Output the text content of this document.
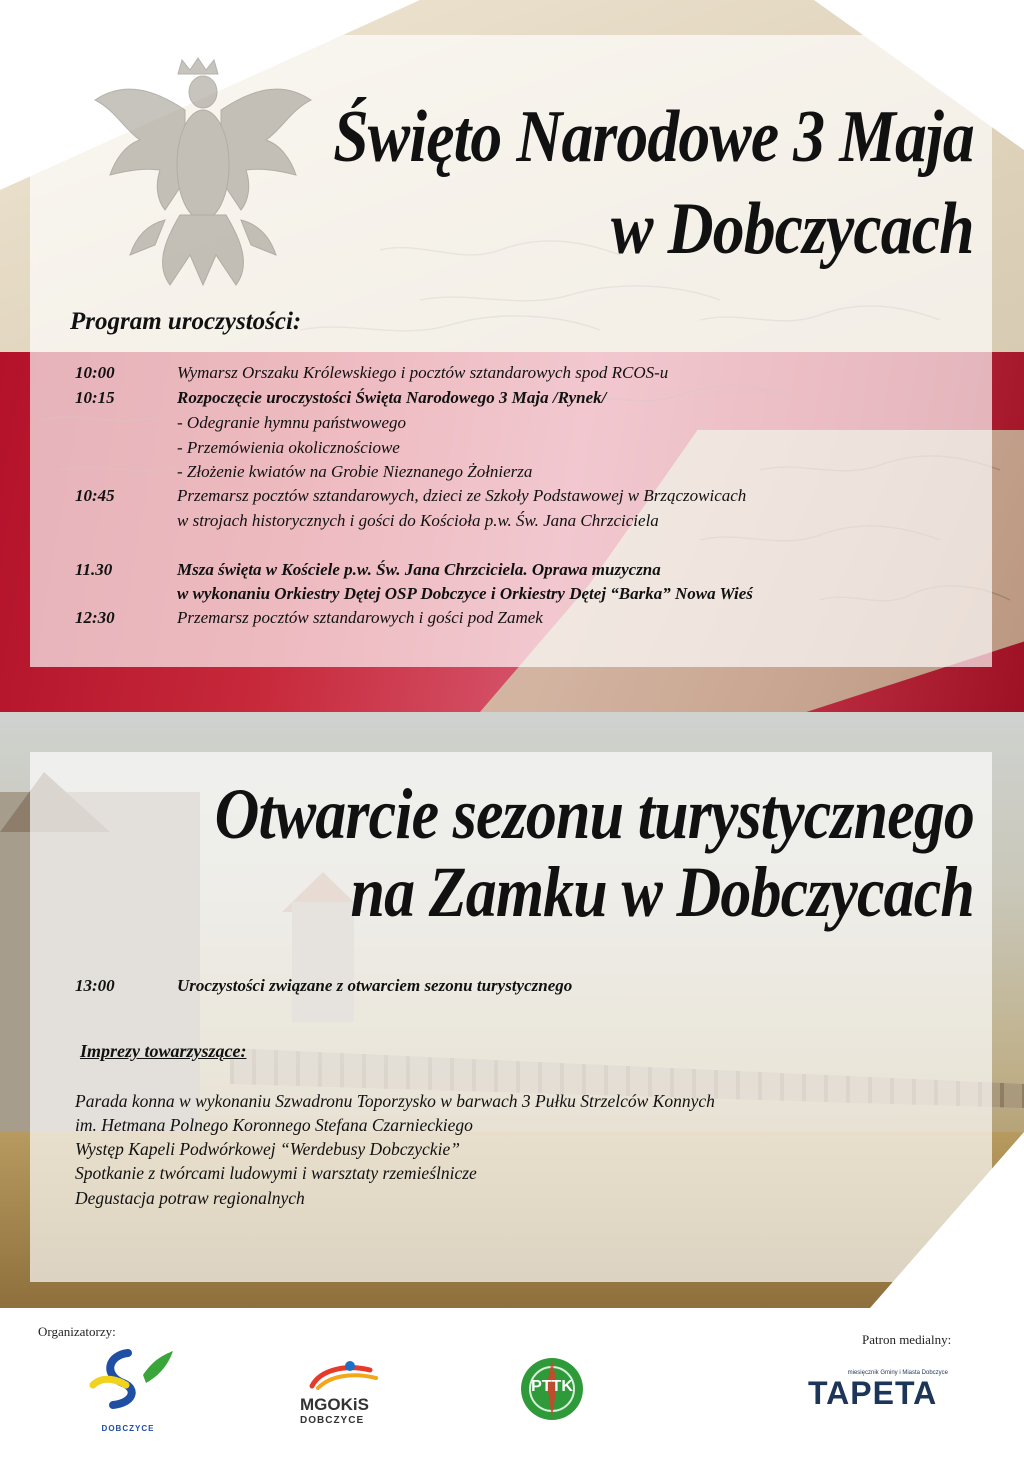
Święto Narodowe 3 Maja
w Dobczycach
Program uroczystości:
10:00	Wymarsz Orszaku Królewskiego i pocztów sztandarowych spod RCOS-u
10:15	Rozpoczęcie uroczystości Święta Narodowego 3 Maja /Rynek/
- Odegranie hymnu państwowego
- Przemówienia okolicznościowe
- Złożenie kwiatów na Grobie Nieznanego Żołnierza
10:45	Przemarsz pocztów sztandarowych, dzieci ze Szkoły Podstawowej w Brzączowicach
w strojach historycznych i gości do Kościoła p.w. Św. Jana Chrzciciela
11.30	Msza święta w Kościele p.w. Św. Jana Chrzciciela. Oprawa muzyczna
w wykonaniu Orkiestry Dętej OSP Dobczyce i Orkiestry Dętej “Barka” Nowa Wieś
12:30	Przemarsz pocztów sztandarowych i gości pod Zamek
Otwarcie sezonu turystycznego
na Zamku w Dobczycach
13:00	Uroczystości związane z otwarciem sezonu turystycznego
Imprezy towarzyszące:
Parada konna w wykonaniu Szwadronu Toporzysko w barwach 3 Pułku Strzelców Konnych
im. Hetmana Polnego Koronnego Stefana Czarnieckiego
Występ Kapeli Podwórkowej “Werdebusy Dobczyckie”
Spotkanie z twórcami ludowymi i warsztaty rzemieślnicze
Degustacja potraw regionalnych
Organizatorzy:
Patron medialny:
DOBCZYCE
MGOKiS
DOBCZYCE
PTTK
miesięcznik Gminy i Miasta Dobczyce
TAPETA
